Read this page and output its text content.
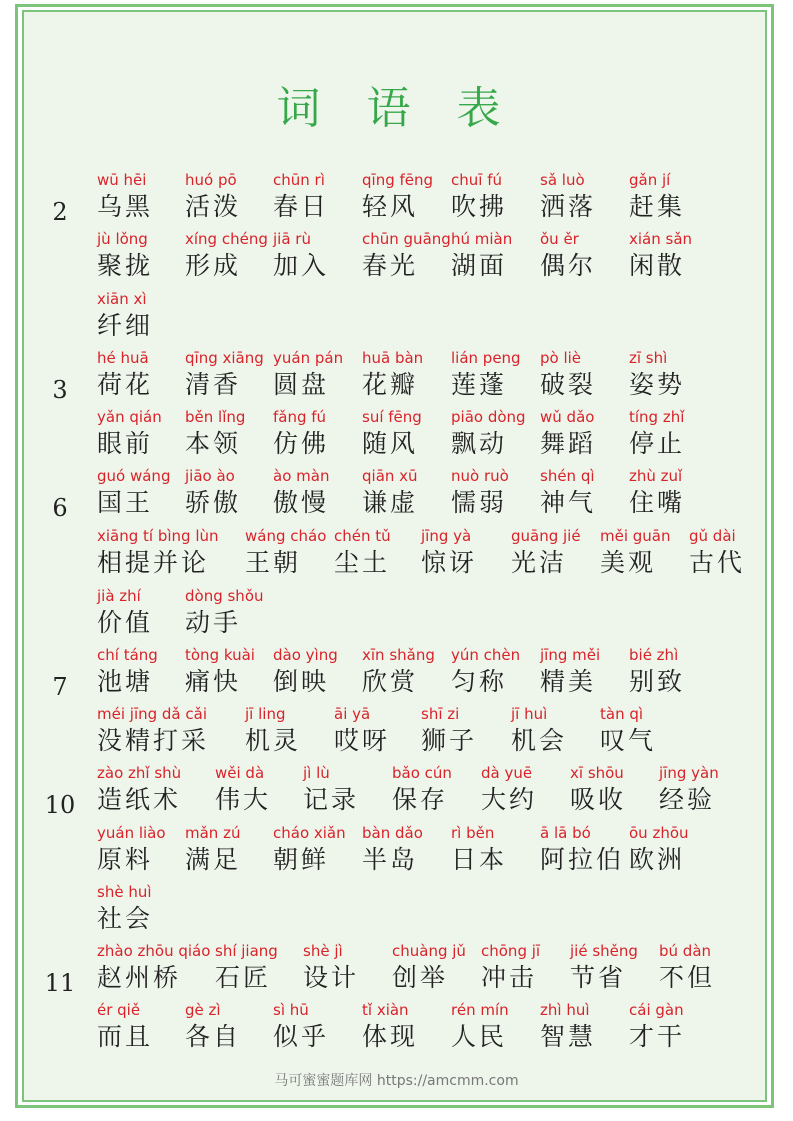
词 语 表
2
wū hēi
乌黑
huó pō
活泼
chūn rì
春日
qīng fēng
轻风
chuī fú
吹拂
sǎ luò
洒落
gǎn jí
赶集
jù lǒng
聚拢
xíng chéng
形成
jiā rù
加入
chūn guāng
春光
hú miàn
湖面
ǒu ěr
偶尔
xián sǎn
闲散
xiān xì
纤细
3
hé huā
荷花
qīng xiāng
清香
yuán pán
圆盘
huā bàn
花瓣
lián peng
莲蓬
pò liè
破裂
zī shì
姿势
yǎn qián
眼前
běn lǐng
本领
fǎng fú
仿佛
suí fēng
随风
piāo dòng
飘动
wǔ dǎo
舞蹈
tíng zhǐ
停止
6
guó wáng
国王
jiāo ào
骄傲
ào màn
傲慢
qiān xū
谦虚
nuò ruò
懦弱
shén qì
神气
zhù zuǐ
住嘴
xiāng tí bìng lùn
相提并论
wáng cháo
王朝
chén tǔ
尘土
jīng yà
惊讶
guāng jié
光洁
měi guān
美观
gǔ dài
古代
jià zhí
价值
dòng shǒu
动手
7
chí táng
池塘
tòng kuài
痛快
dào yìng
倒映
xīn shǎng
欣赏
yún chèn
匀称
jīng měi
精美
bié zhì
别致
méi jīng dǎ cǎi
没精打采
jī ling
机灵
āi yā
哎呀
shī zi
狮子
jī huì
机会
tàn qì
叹气
10
zào zhǐ shù
造纸术
wěi dà
伟大
jì lù
记录
bǎo cún
保存
dà yuē
大约
xī shōu
吸收
jīng yàn
经验
yuán liào
原料
mǎn zú
满足
cháo xiǎn
朝鲜
bàn dǎo
半岛
rì běn
日本
ā lā bó
阿拉伯
ōu zhōu
欧洲
shè huì
社会
11
zhào zhōu qiáo
赵州桥
shí jiang
石匠
shè jì
设计
chuàng jǔ
创举
chōng jī
冲击
jié shěng
节省
bú dàn
不但
ér qiě
而且
gè zì
各自
sì hū
似乎
tǐ xiàn
体现
rén mín
人民
zhì huì
智慧
cái gàn
才干
马可蜜蜜题库网 https://amcmm.com
